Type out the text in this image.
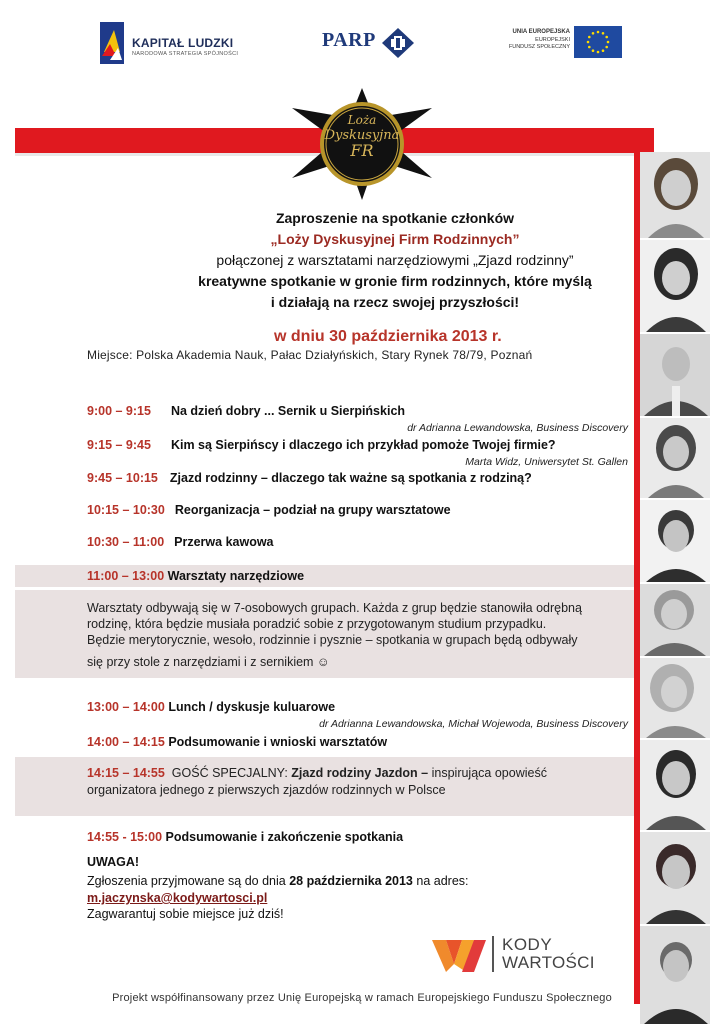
KAPITAŁ LUDZKI
NARODOWA STRATEGIA SPÓJNOŚCI
PARP	UNIA EUROPEJSKA
EUROPEJSKI
FUNDUSZ SPOŁECZNY
Loża
Dyskusyjna
FR
Zaproszenie na spotkanie członków
„Loży Dyskusyjnej Firm Rodzinnych”
połączonej z warsztatami narzędziowymi „Zjazd rodzinny”
kreatywne spotkanie w gronie firm rodzinnych, które myślą
i działają na rzecz swojej przyszłości!
w dniu 30 października 2013 r.
Miejsce: Polska Akademia Nauk, Pałac Działyńskich, Stary Rynek 78/79, Poznań
9:00 – 9:15 Na dzień dobry ... Sernik u Sierpińskich
dr Adrianna Lewandowska, Business Discovery
9:15 – 9:45 Kim są Sierpińscy i dlaczego ich przykład pomoże Twojej firmie?
Marta Widz, Uniwersytet St. Gallen
9:45 – 10:15 Zjazd rodzinny – dlaczego tak ważne są spotkania z rodziną?
10:15 – 10:30 Reorganizacja – podział na grupy warsztatowe
10:30 – 11:00 Przerwa kawowa
11:00 – 13:00 Warsztaty narzędziowe
Warsztaty odbywają się w 7-osobowych grupach. Każda z grup będzie stanowiła odrębną
rodzinę, która będzie musiała poradzić sobie z przygotowanym studium przypadku.
Będzie merytorycznie, wesoło, rodzinnie i pysznie – spotkania w grupach będą odbywały
się przy stole z narzędziami i z sernikiem ☺
13:00 – 14:00 Lunch / dyskusje kuluarowe
dr Adrianna Lewandowska, Michał Wojewoda, Business Discovery
14:00 – 14:15 Podsumowanie i wnioski warsztatów
14:15 – 14:55 GOŚĆ SPECJALNY: Zjazd rodziny Jazdon – inspirująca opowieść
organizatora jednego z pierwszych zjazdów rodzinnych w Polsce
14:55 - 15:00 Podsumowanie i zakończenie spotkania
UWAGA!
Zgłoszenia przyjmowane są do dnia 28 października 2013 na adres:
m.jaczynska@kodywartosci.pl
Zagwarantuj sobie miejsce już dziś!
KODY
WARTOŚCI
Projekt współfinansowany przez Unię Europejską w ramach Europejskiego Funduszu Społecznego
